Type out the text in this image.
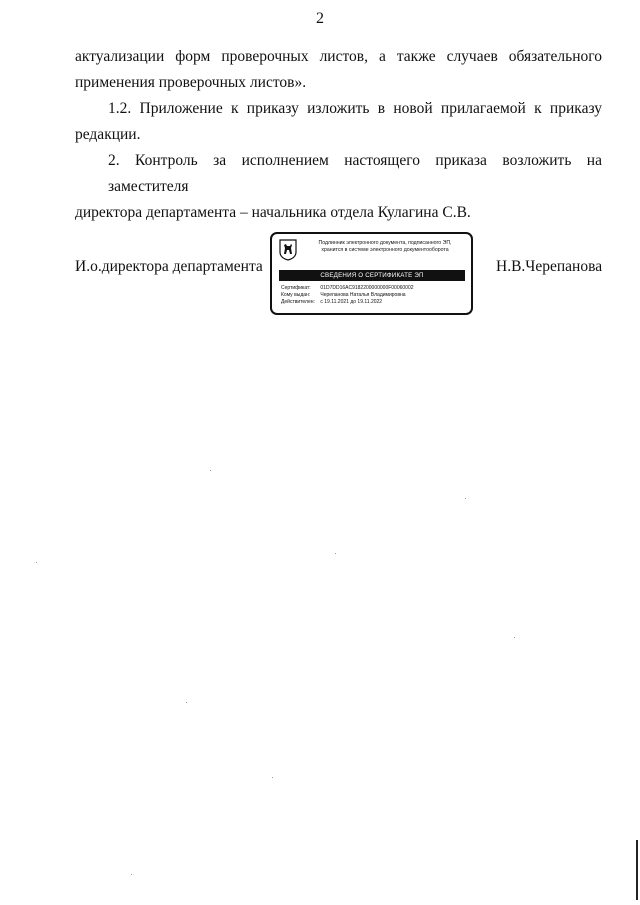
2

актуализации форм проверочных листов, а также случаев обязательного
применения проверочных листов».

1.2. Приложение к приказу изложить в новой прилагаемой к приказу
редакции.

2. Контроль за исполнением настоящего приказа возложить на заместителя
директора департамента – начальника отдела Кулагина С.В.

И.о.директора департамента
Подлинник электронного документа, подписанного ЭП,
хранится в системе электронного документооборота
СВЕДЕНИЯ О СЕРТИФИКАТЕ ЭП
Сертификат: 01D7DD16AC9182200000000F00060002
Кому выдан: Черепанова Наталья Владимировна
Действителен: с 19.11.2021 до 19.11.2022
Н.В.Черепанова
